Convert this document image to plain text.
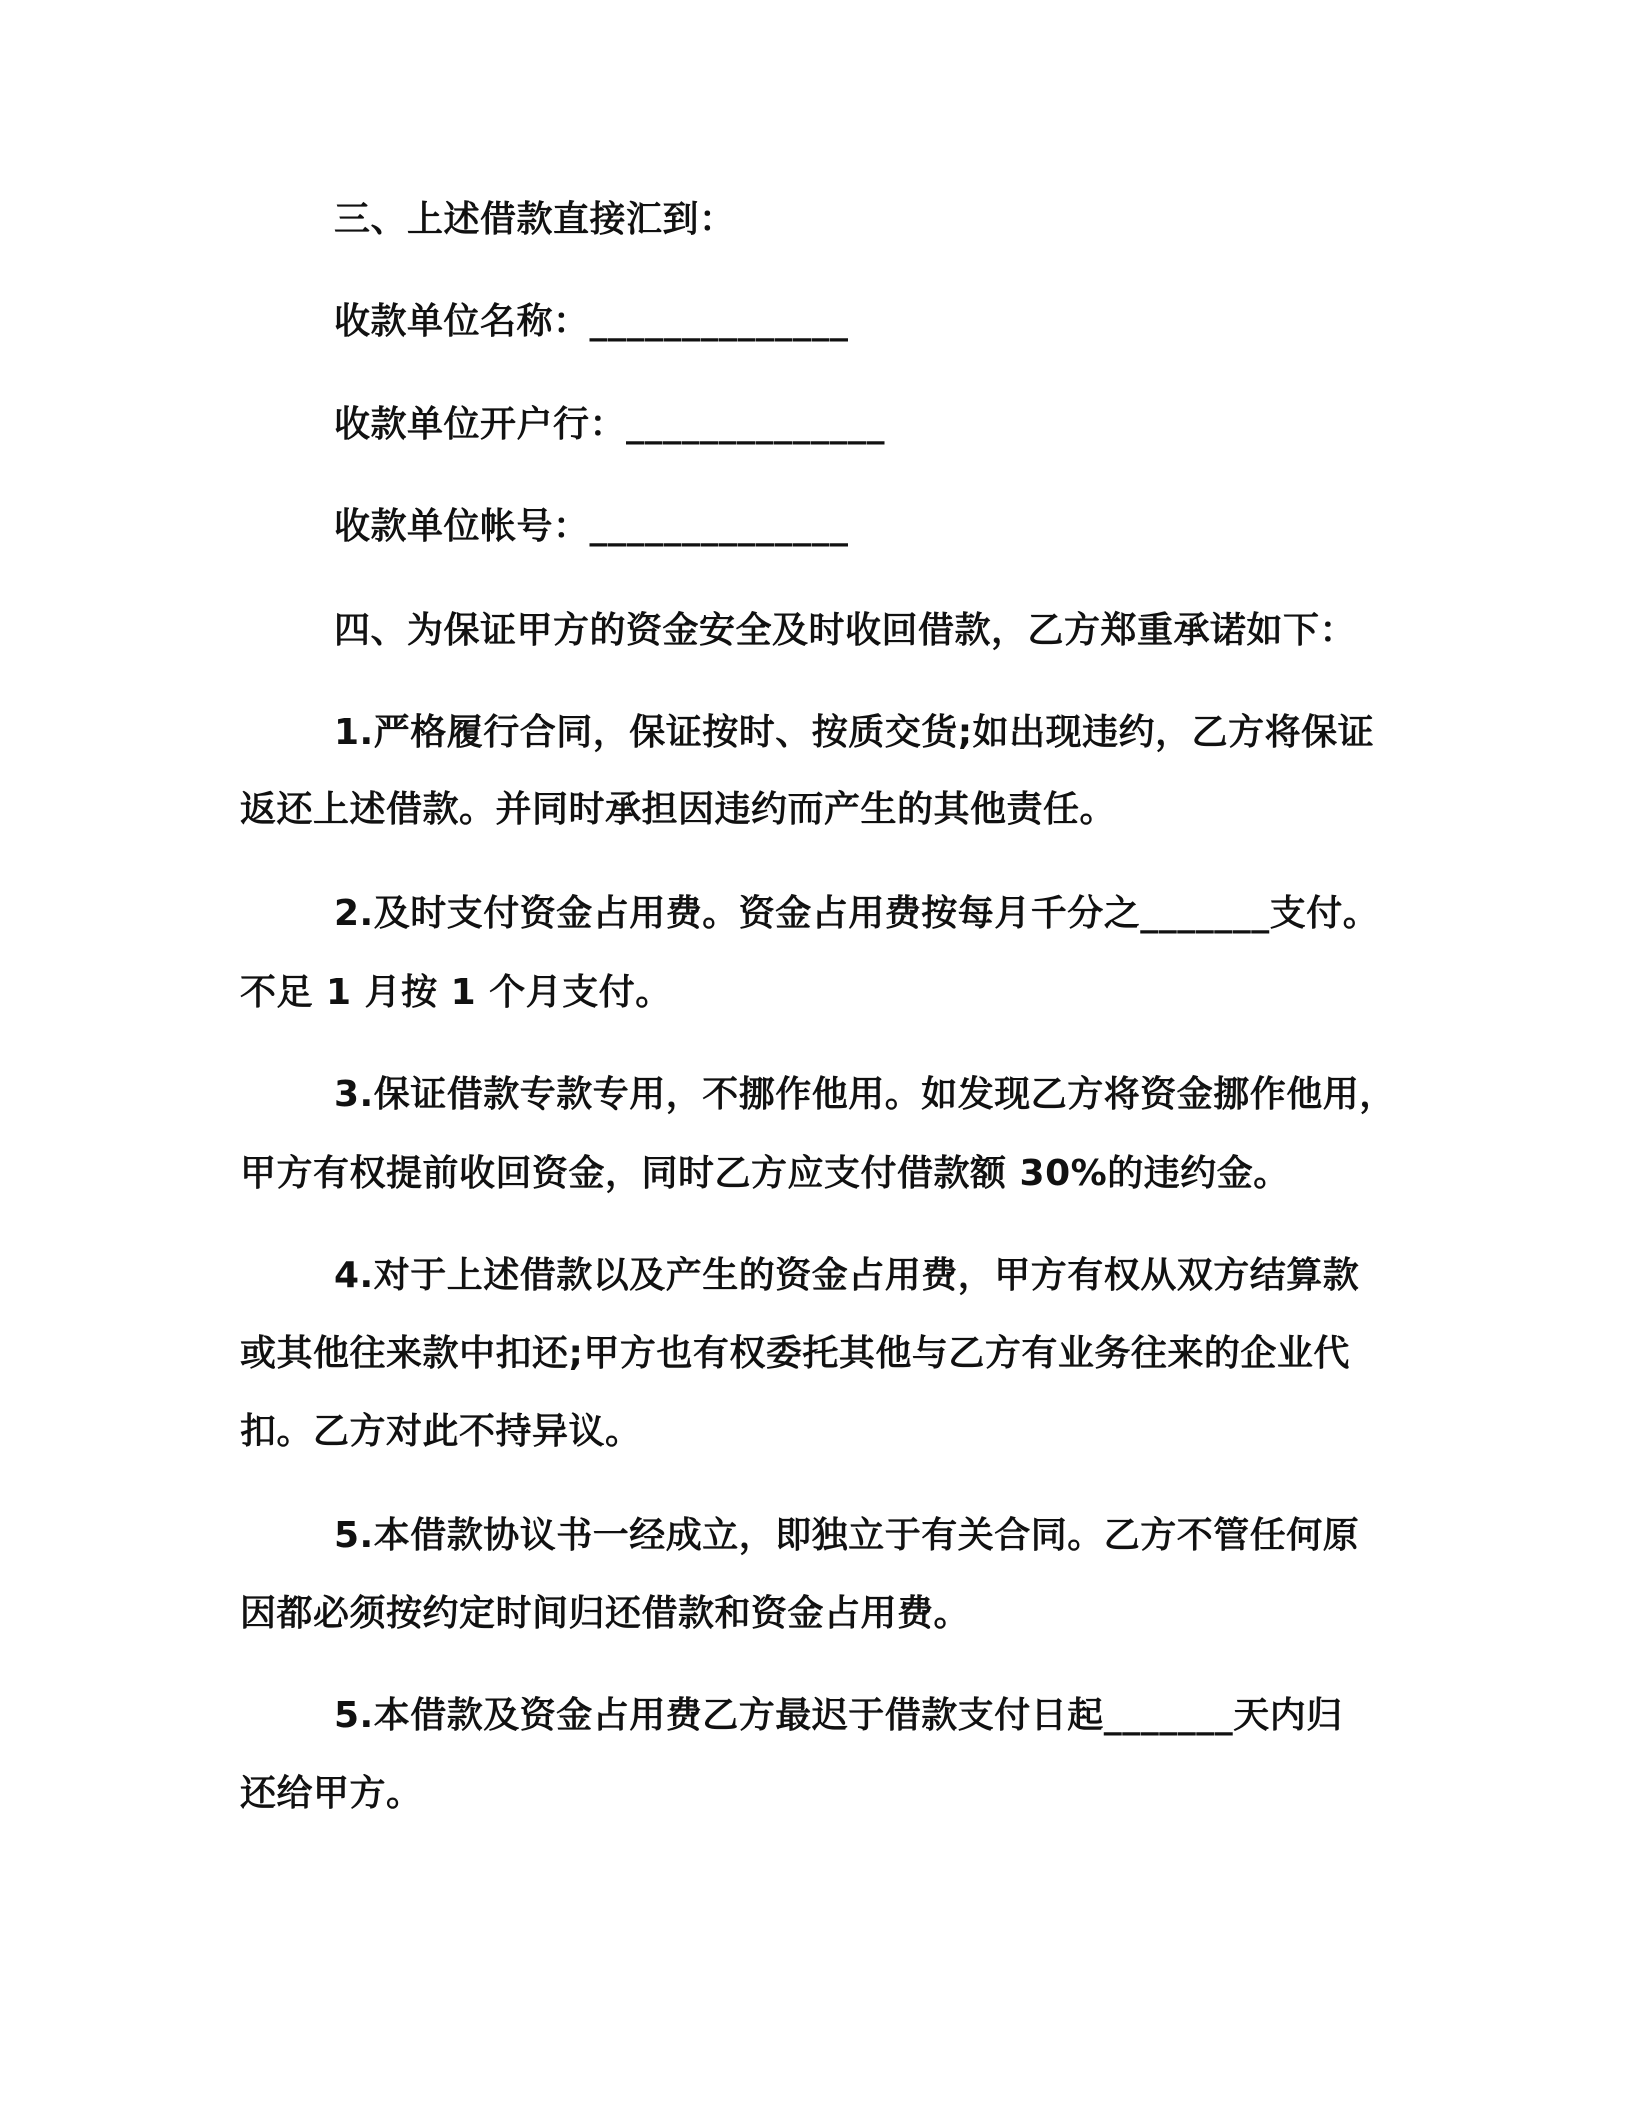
三、上述借款直接汇到：
收款单位名称：______________
收款单位开户行：______________
收款单位帐号：______________
四、为保证甲方的资金安全及时收回借款，乙方郑重承诺如下：
1.严格履行合同，保证按时、按质交货;如出现违约，乙方将保证
返还上述借款。并同时承担因违约而产生的其他责任。
2.及时支付资金占用费。资金占用费按每月千分之_______支付。
不足 1 月按 1 个月支付。
3.保证借款专款专用，不挪作他用。如发现乙方将资金挪作他用，
甲方有权提前收回资金，同时乙方应支付借款额 30%的违约金。
4.对于上述借款以及产生的资金占用费，甲方有权从双方结算款
或其他往来款中扣还;甲方也有权委托其他与乙方有业务往来的企业代
扣。乙方对此不持异议。
5.本借款协议书一经成立，即独立于有关合同。乙方不管任何原
因都必须按约定时间归还借款和资金占用费。
5.本借款及资金占用费乙方最迟于借款支付日起_______天内归
还给甲方。
